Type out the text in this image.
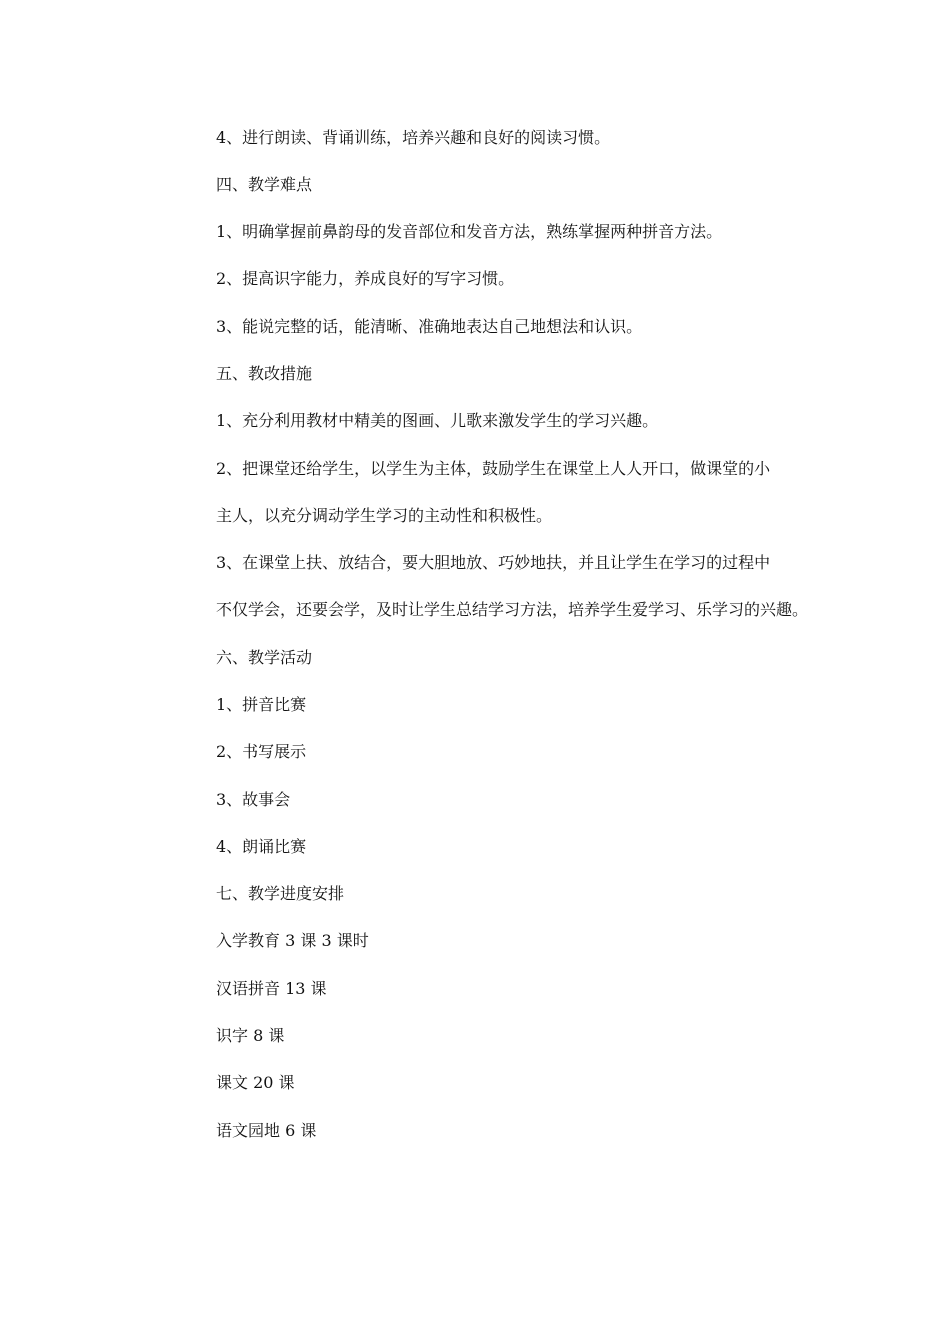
4、进行朗读、背诵训练，培养兴趣和良好的阅读习惯。

四、教学难点

1、明确掌握前鼻韵母的发音部位和发音方法，熟练掌握两种拼音方法。

2、提高识字能力，养成良好的写字习惯。

3、能说完整的话，能清晰、准确地表达自己地想法和认识。

五、教改措施

1、充分利用教材中精美的图画、儿歌来激发学生的学习兴趣。

2、把课堂还给学生，以学生为主体，鼓励学生在课堂上人人开口，做课堂的小

主人，以充分调动学生学习的主动性和积极性。

3、在课堂上扶、放结合，要大胆地放、巧妙地扶，并且让学生在学习的过程中

不仅学会，还要会学，及时让学生总结学习方法，培养学生爱学习、乐学习的兴趣。

六、教学活动

1、拼音比赛

2、书写展示

3、故事会

4、朗诵比赛

七、教学进度安排

入学教育 3 课 3 课时

汉语拼音 13 课

识字 8 课

课文 20 课

语文园地 6 课
